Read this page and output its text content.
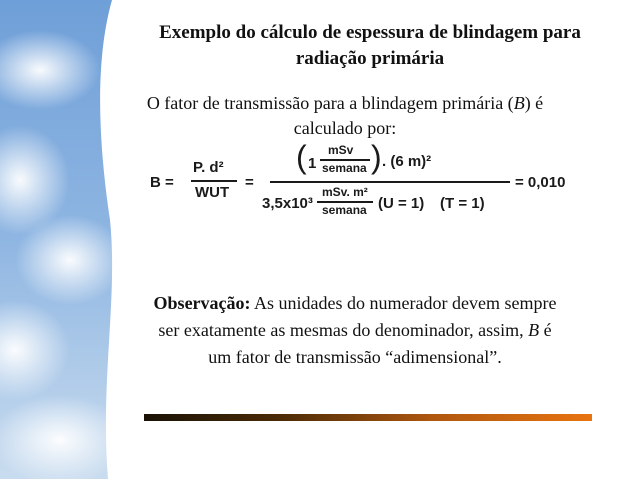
Exemplo do cálculo de espessura de blindagem para
radiação primária
O fator de transmissão para a blindagem primária (B) é
calculado por:
B =
P. d²
WUT
=
( 1
mSv
semana ) . (6 m)²
3,5x10³
mSv. m²
semana (U = 1) (T = 1)
= 0,010
Observação: As unidades do numerador devem sempre
ser exatamente as mesmas do denominador, assim, B é
um fator de transmissão “adimensional”.
